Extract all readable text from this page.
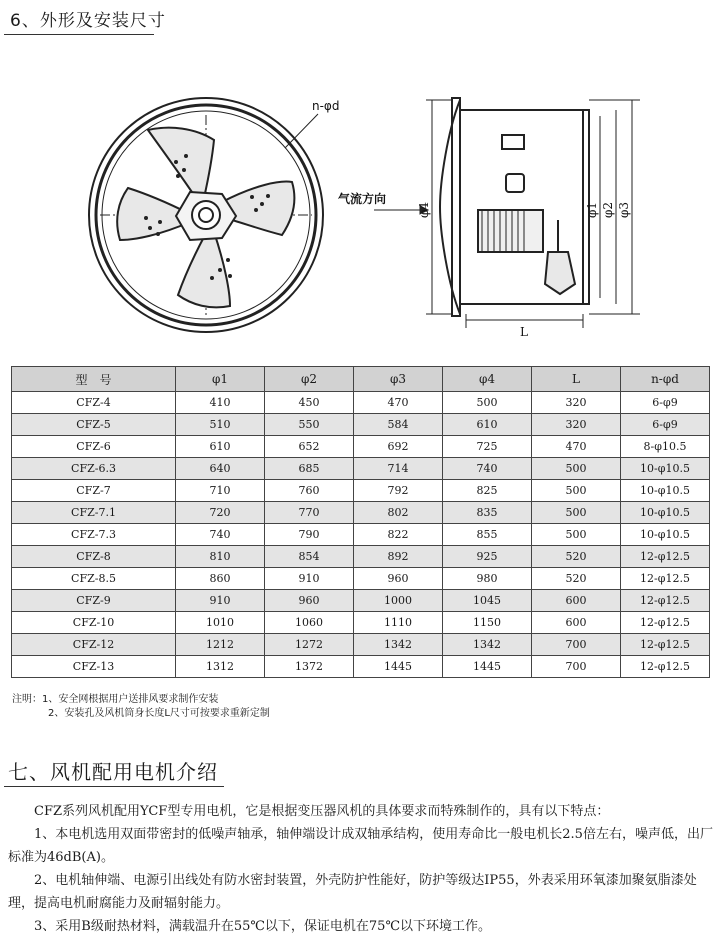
6、外形及安装尺寸
n-φd
气流方向
φ4	φ1 φ2 φ3
L
型　号	φ1	φ2	φ3	φ4	L	n-φd
CFZ-4	410	450	470	500	320	6-φ9
CFZ-5	510	550	584	610	320	6-φ9
CFZ-6	610	652	692	725	470	8-φ10.5
CFZ-6.3	640	685	714	740	500	10-φ10.5
CFZ-7	710	760	792	825	500	10-φ10.5
CFZ-7.1	720	770	802	835	500	10-φ10.5
CFZ-7.3	740	790	822	855	500	10-φ10.5
CFZ-8	810	854	892	925	520	12-φ12.5
CFZ-8.5	860	910	960	980	520	12-φ12.5
CFZ-9	910	960	1000	1045	600	12-φ12.5
CFZ-10	1010	1060	1110	1150	600	12-φ12.5
CFZ-12	1212	1272	1342	1342	700	12-φ12.5
CFZ-13	1312	1372	1445	1445	700	12-φ12.5
注明：1、安全网根据用户送排风要求制作安装
2、安装孔及风机筒身长度L尺寸可按要求重新定制
七、风机配用电机介绍

CFZ系列风机配用YCF型专用电机，它是根据变压器风机的具体要求而特殊制作的，具有以下特点：

1、本电机选用双面带密封的低噪声轴承，轴伸端设计成双轴承结构，使用寿命比一般电机长2.5倍左右，噪声低，出厂标准为46dB(A)。

2、电机轴伸端、电源引出线处有防水密封装置，外壳防护性能好，防护等级达IP55，外表采用环氧漆加聚氨脂漆处理，提高电机耐腐能力及耐辐射能力。

3、采用B级耐热材料，满载温升在55℃以下，保证电机在75℃以下环境工作。
